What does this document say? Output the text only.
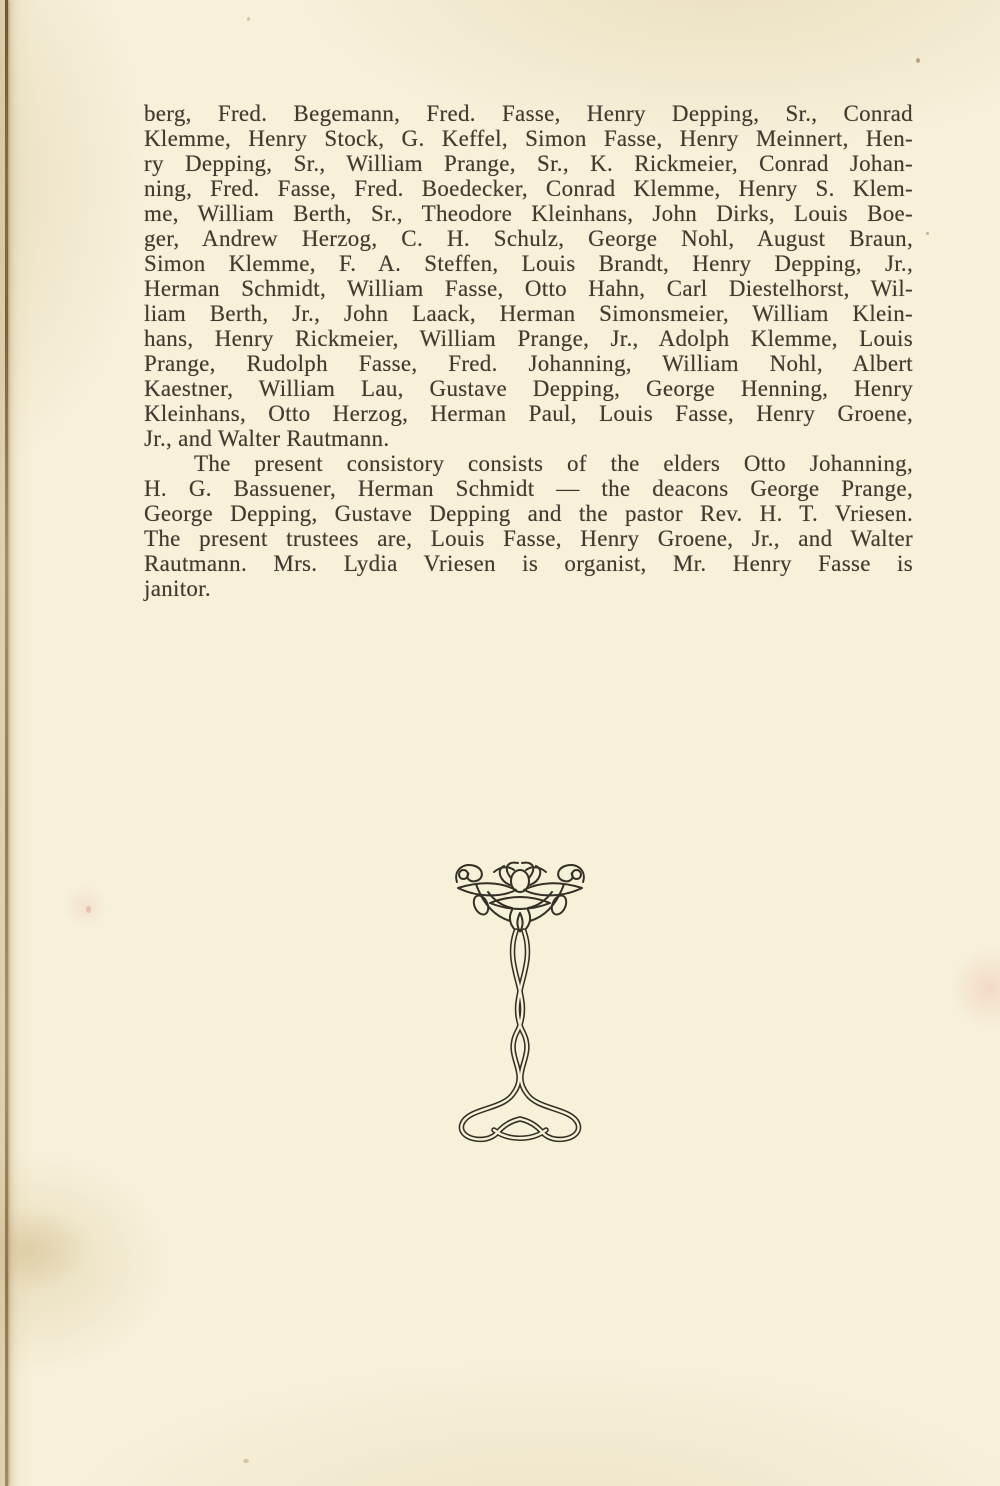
berg, Fred. Begemann, Fred. Fasse, Henry Depping, Sr., Conrad
Klemme, Henry Stock, G. Keffel, Simon Fasse, Henry Meinnert, Hen-
ry Depping, Sr., William Prange, Sr., K. Rickmeier, Conrad Johan-
ning, Fred. Fasse, Fred. Boedecker, Conrad Klemme, Henry S. Klem-
me, William Berth, Sr., Theodore Kleinhans, John Dirks, Louis Boe-
ger, Andrew Herzog, C. H. Schulz, George Nohl, August Braun,
Simon Klemme, F. A. Steffen, Louis Brandt, Henry Depping, Jr.,
Herman Schmidt, William Fasse, Otto Hahn, Carl Diestelhorst, Wil-
liam Berth, Jr., John Laack, Herman Simonsmeier, William Klein-
hans, Henry Rickmeier, William Prange, Jr., Adolph Klemme, Louis
Prange, Rudolph Fasse, Fred. Johanning, William Nohl, Albert
Kaestner, William Lau, Gustave Depping, George Henning, Henry
Kleinhans, Otto Herzog, Herman Paul, Louis Fasse, Henry Groene,
Jr., and Walter Rautmann.
The present consistory consists of the elders Otto Johanning,
H. G. Bassuener, Herman Schmidt — the deacons George Prange,
George Depping, Gustave Depping and the pastor Rev. H. T. Vriesen.
The present trustees are, Louis Fasse, Henry Groene, Jr., and Walter
Rautmann. Mrs. Lydia Vriesen is organist, Mr. Henry Fasse is
janitor.
